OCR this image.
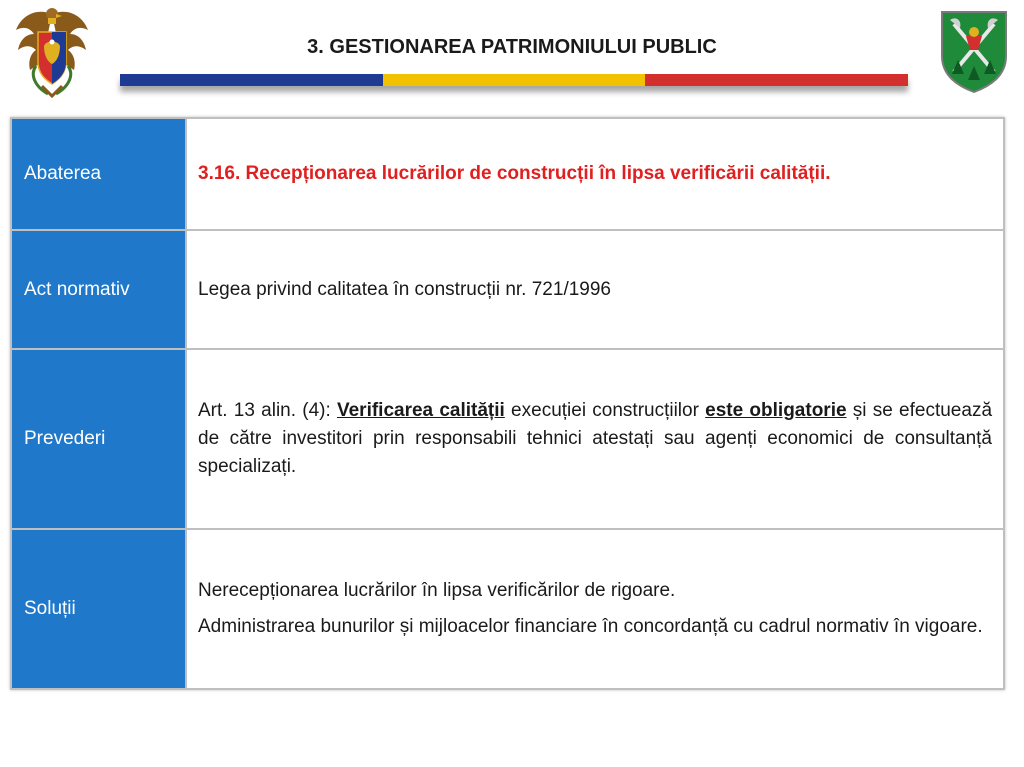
3. GESTIONAREA PATRIMONIULUI PUBLIC
Abaterea	3.16. Recepționarea lucrărilor de construcții în lipsa verificării calității.
Act normativ	Legea privind calitatea în construcții nr. 721/1996
Prevederi	Art. 13 alin. (4): Verificarea calității execuției construcțiilor este obligatorie și se efectuează de către investitori prin responsabili tehnici atestați sau agenți economici de consultanță specializați.

Soluții	Nerecepționarea lucrărilor în lipsa verificărilor de rigoare.

Administrarea bunurilor și mijloacelor financiare în concordanță cu cadrul normativ în vigoare.
